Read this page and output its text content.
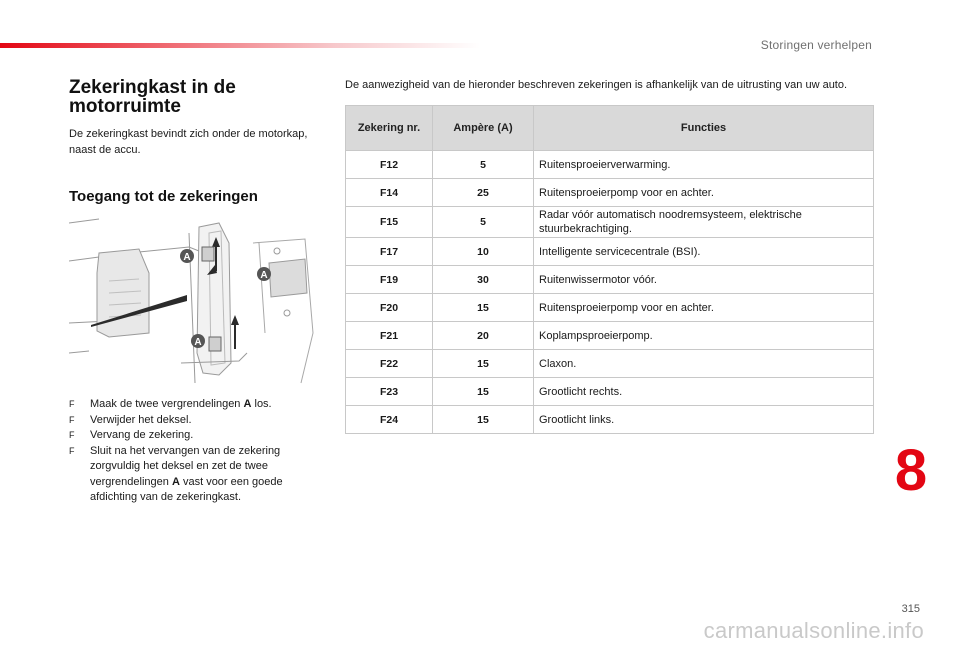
Storingen verhelpen
Zekeringkast in de motorruimte

De zekeringkast bevindt zich onder de motorkap, naast de accu.

Toegang tot de zekeringen
A
A
A
F Maak de twee vergrendelingen A los.
F Verwijder het deksel.
F Vervang de zekering.
F Sluit na het vervangen van de zekering zorgvuldig het deksel en zet de twee vergrendelingen A vast voor een goede afdichting van de zekeringkast.

De aanwezigheid van de hieronder beschreven zekeringen is afhankelijk van de uitrusting van uw auto.

Zekering nr.	Ampère (A)	Functies
F12	5	Ruitensproeierverwarming.
F14	25	Ruitensproeierpomp voor en achter.
F15	5	Radar vóór automatisch noodremsysteem, elektrische stuurbekrachtiging.
F17	10	Intelligente servicecentrale (BSI).
F19	30	Ruitenwissermotor vóór.
F20	15	Ruitensproeierpomp voor en achter.
F21	20	Koplampsproeierpomp.
F22	15	Claxon.
F23	15	Grootlicht rechts.
F24	15	Grootlicht links.
8
315
carmanualsonline.info
